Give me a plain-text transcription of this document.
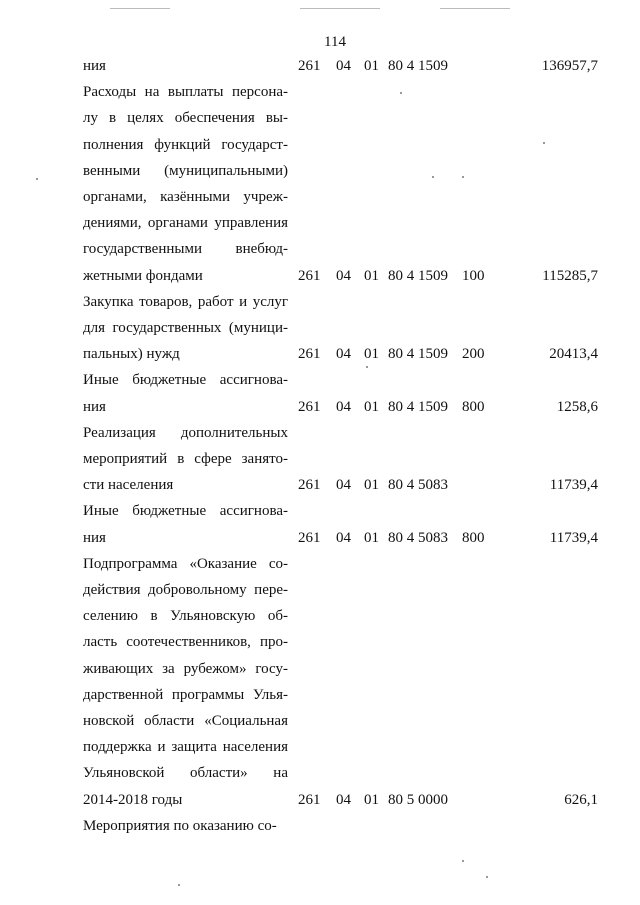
114
ния	261 04 01 80 4 1509	136957,7
Расходы на выплаты персона-
лу в целях обеспечения вы-
полнения функций государст-
венными (муниципальными)
органами, казёнными учреж-
дениями, органами управления
государственными внебюд-
жетными фондами	261 04 01 80 4 1509 100	115285,7
Закупка товаров, работ и услуг
для государственных (муници-
пальных) нужд	261 04 01 80 4 1509 200	20413,4
Иные бюджетные ассигнова-
ния	261 04 01 80 4 1509 800	1258,6
Реализация дополнительных
мероприятий в сфере занято-
сти населения	261 04 01 80 4 5083	11739,4
Иные бюджетные ассигнова-
ния	261 04 01 80 4 5083 800	11739,4
Подпрограмма «Оказание со-
действия добровольному пере-
селению в Ульяновскую об-
ласть соотечественников, про-
живающих за рубежом» госу-
дарственной программы Улья-
новской области «Социальная
поддержка и защита населения
Ульяновской области» на
2014-2018 годы	261 04 01 80 5 0000	626,1
Мероприятия по оказанию со-
